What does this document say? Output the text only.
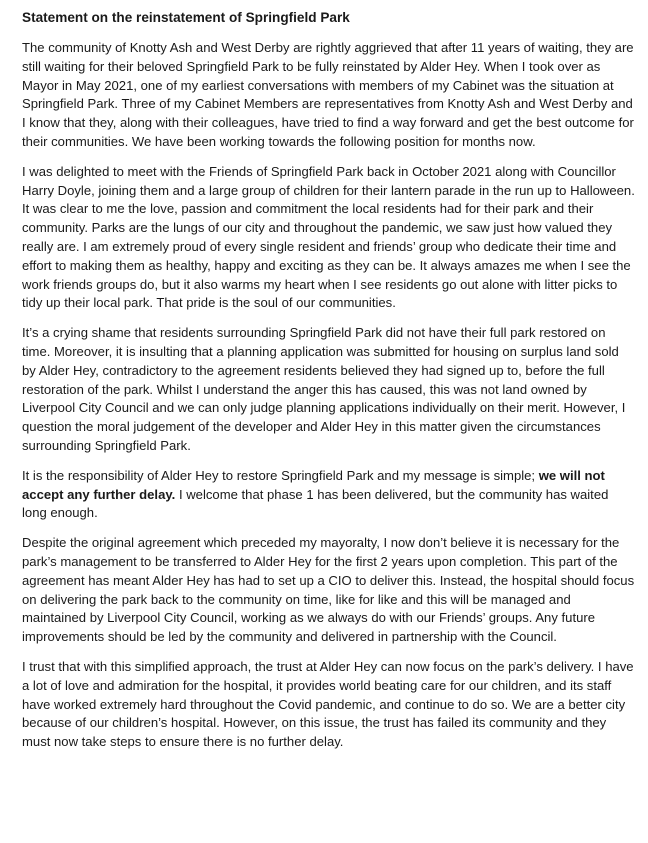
Statement on the reinstatement of Springfield Park

The community of Knotty Ash and West Derby are rightly aggrieved that after 11 years of waiting, they are still waiting for their beloved Springfield Park to be fully reinstated by Alder Hey. When I took over as Mayor in May 2021, one of my earliest conversations with members of my Cabinet was the situation at Springfield Park. Three of my Cabinet Members are representatives from Knotty Ash and West Derby and I know that they, along with their colleagues, have tried to find a way forward and get the best outcome for their communities. We have been working towards the following position for months now.

I was delighted to meet with the Friends of Springfield Park back in October 2021 along with Councillor Harry Doyle, joining them and a large group of children for their lantern parade in the run up to Halloween. It was clear to me the love, passion and commitment the local residents had for their park and their community. Parks are the lungs of our city and throughout the pandemic, we saw just how valued they really are. I am extremely proud of every single resident and friends’ group who dedicate their time and effort to making them as healthy, happy and exciting as they can be. It always amazes me when I see the work friends groups do, but it also warms my heart when I see residents go out alone with litter picks to tidy up their local park. That pride is the soul of our communities.

It’s a crying shame that residents surrounding Springfield Park did not have their full park restored on time. Moreover, it is insulting that a planning application was submitted for housing on surplus land sold by Alder Hey, contradictory to the agreement residents believed they had signed up to, before the full restoration of the park. Whilst I understand the anger this has caused, this was not land owned by Liverpool City Council and we can only judge planning applications individually on their merit. However, I question the moral judgement of the developer and Alder Hey in this matter given the circumstances surrounding Springfield Park.

It is the responsibility of Alder Hey to restore Springfield Park and my message is simple; we will not accept any further delay. I welcome that phase 1 has been delivered, but the community has waited long enough.

Despite the original agreement which preceded my mayoralty, I now don’t believe it is necessary for the park’s management to be transferred to Alder Hey for the first 2 years upon completion. This part of the agreement has meant Alder Hey has had to set up a CIO to deliver this. Instead, the hospital should focus on delivering the park back to the community on time, like for like and this will be managed and maintained by Liverpool City Council, working as we always do with our Friends’ groups. Any future improvements should be led by the community and delivered in partnership with the Council.

I trust that with this simplified approach, the trust at Alder Hey can now focus on the park’s delivery. I have a lot of love and admiration for the hospital, it provides world beating care for our children, and its staff have worked extremely hard throughout the Covid pandemic, and continue to do so. We are a better city because of our children’s hospital. However, on this issue, the trust has failed its community and they must now take steps to ensure there is no further delay.
